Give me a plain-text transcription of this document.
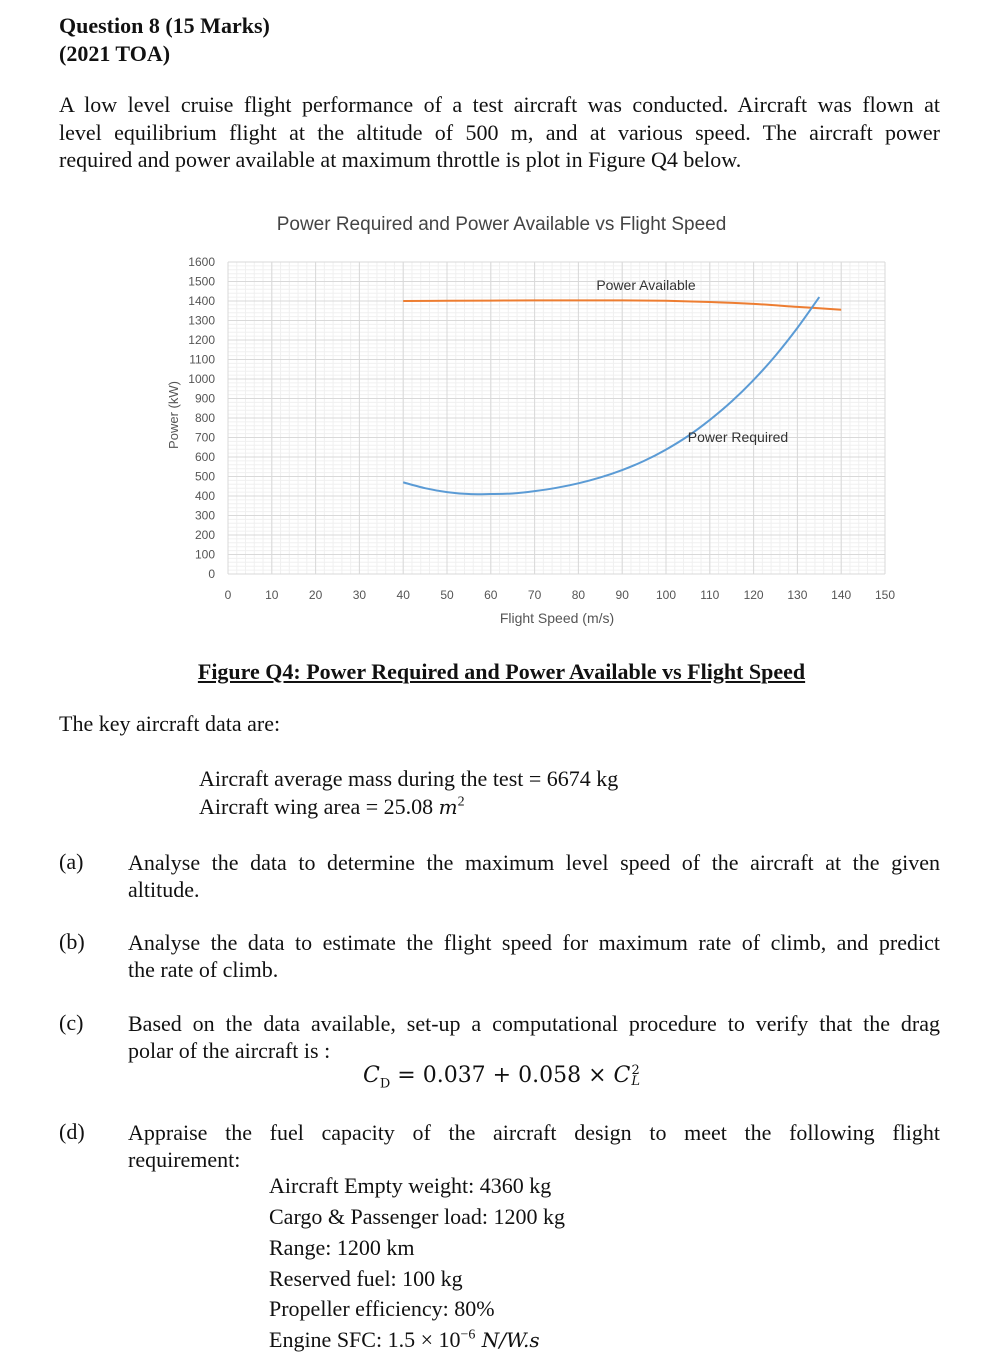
Question 8 (15 Marks)
(2021 TOA)
A low level cruise flight performance of a test aircraft was conducted. Aircraft was flown at
level equilibrium flight at the altitude of 500 m, and at various speed. The aircraft power
required and power available at maximum throttle is plot in Figure Q4 below.
Power Required and Power Available vs Flight Speed
0
100
200
300
400
500
600
700
800
900
1000
1100
1200
1300
1400
1500
1600
0	10	20	30	40	50	60	70	80	90 100 110 120 130 140 150
Power (kW)
Flight Speed (m/s)
Power Available
Power Required
Figure Q4: Power Required and Power Available vs Flight Speed
The key aircraft data are:
Aircraft average mass during the test = 6674 kg
Aircraft wing area = 25.08 $m^2$
(a) Analyse the data to determine the maximum level speed of the aircraft at the given
altitude.
(b) Analyse the data to estimate the flight speed for maximum rate of climb, and predict
the rate of climb.
(c) Based on the data available, set-up a computational procedure to verify that the drag
polar of the aircraft is :
$C_D = 0.037 + 0.058 \times C$ 2
L
(d) Appraise the fuel capacity of the aircraft design to meet the following flight
requirement:
Aircraft Empty weight: 4360 kg
Cargo & Passenger load: 1200 kg
Range: 1200 km
Reserved fuel: 100 kg
Propeller efficiency: 80%
Engine SFC: $1.5 \times 10^{-6}$ N/W.s
